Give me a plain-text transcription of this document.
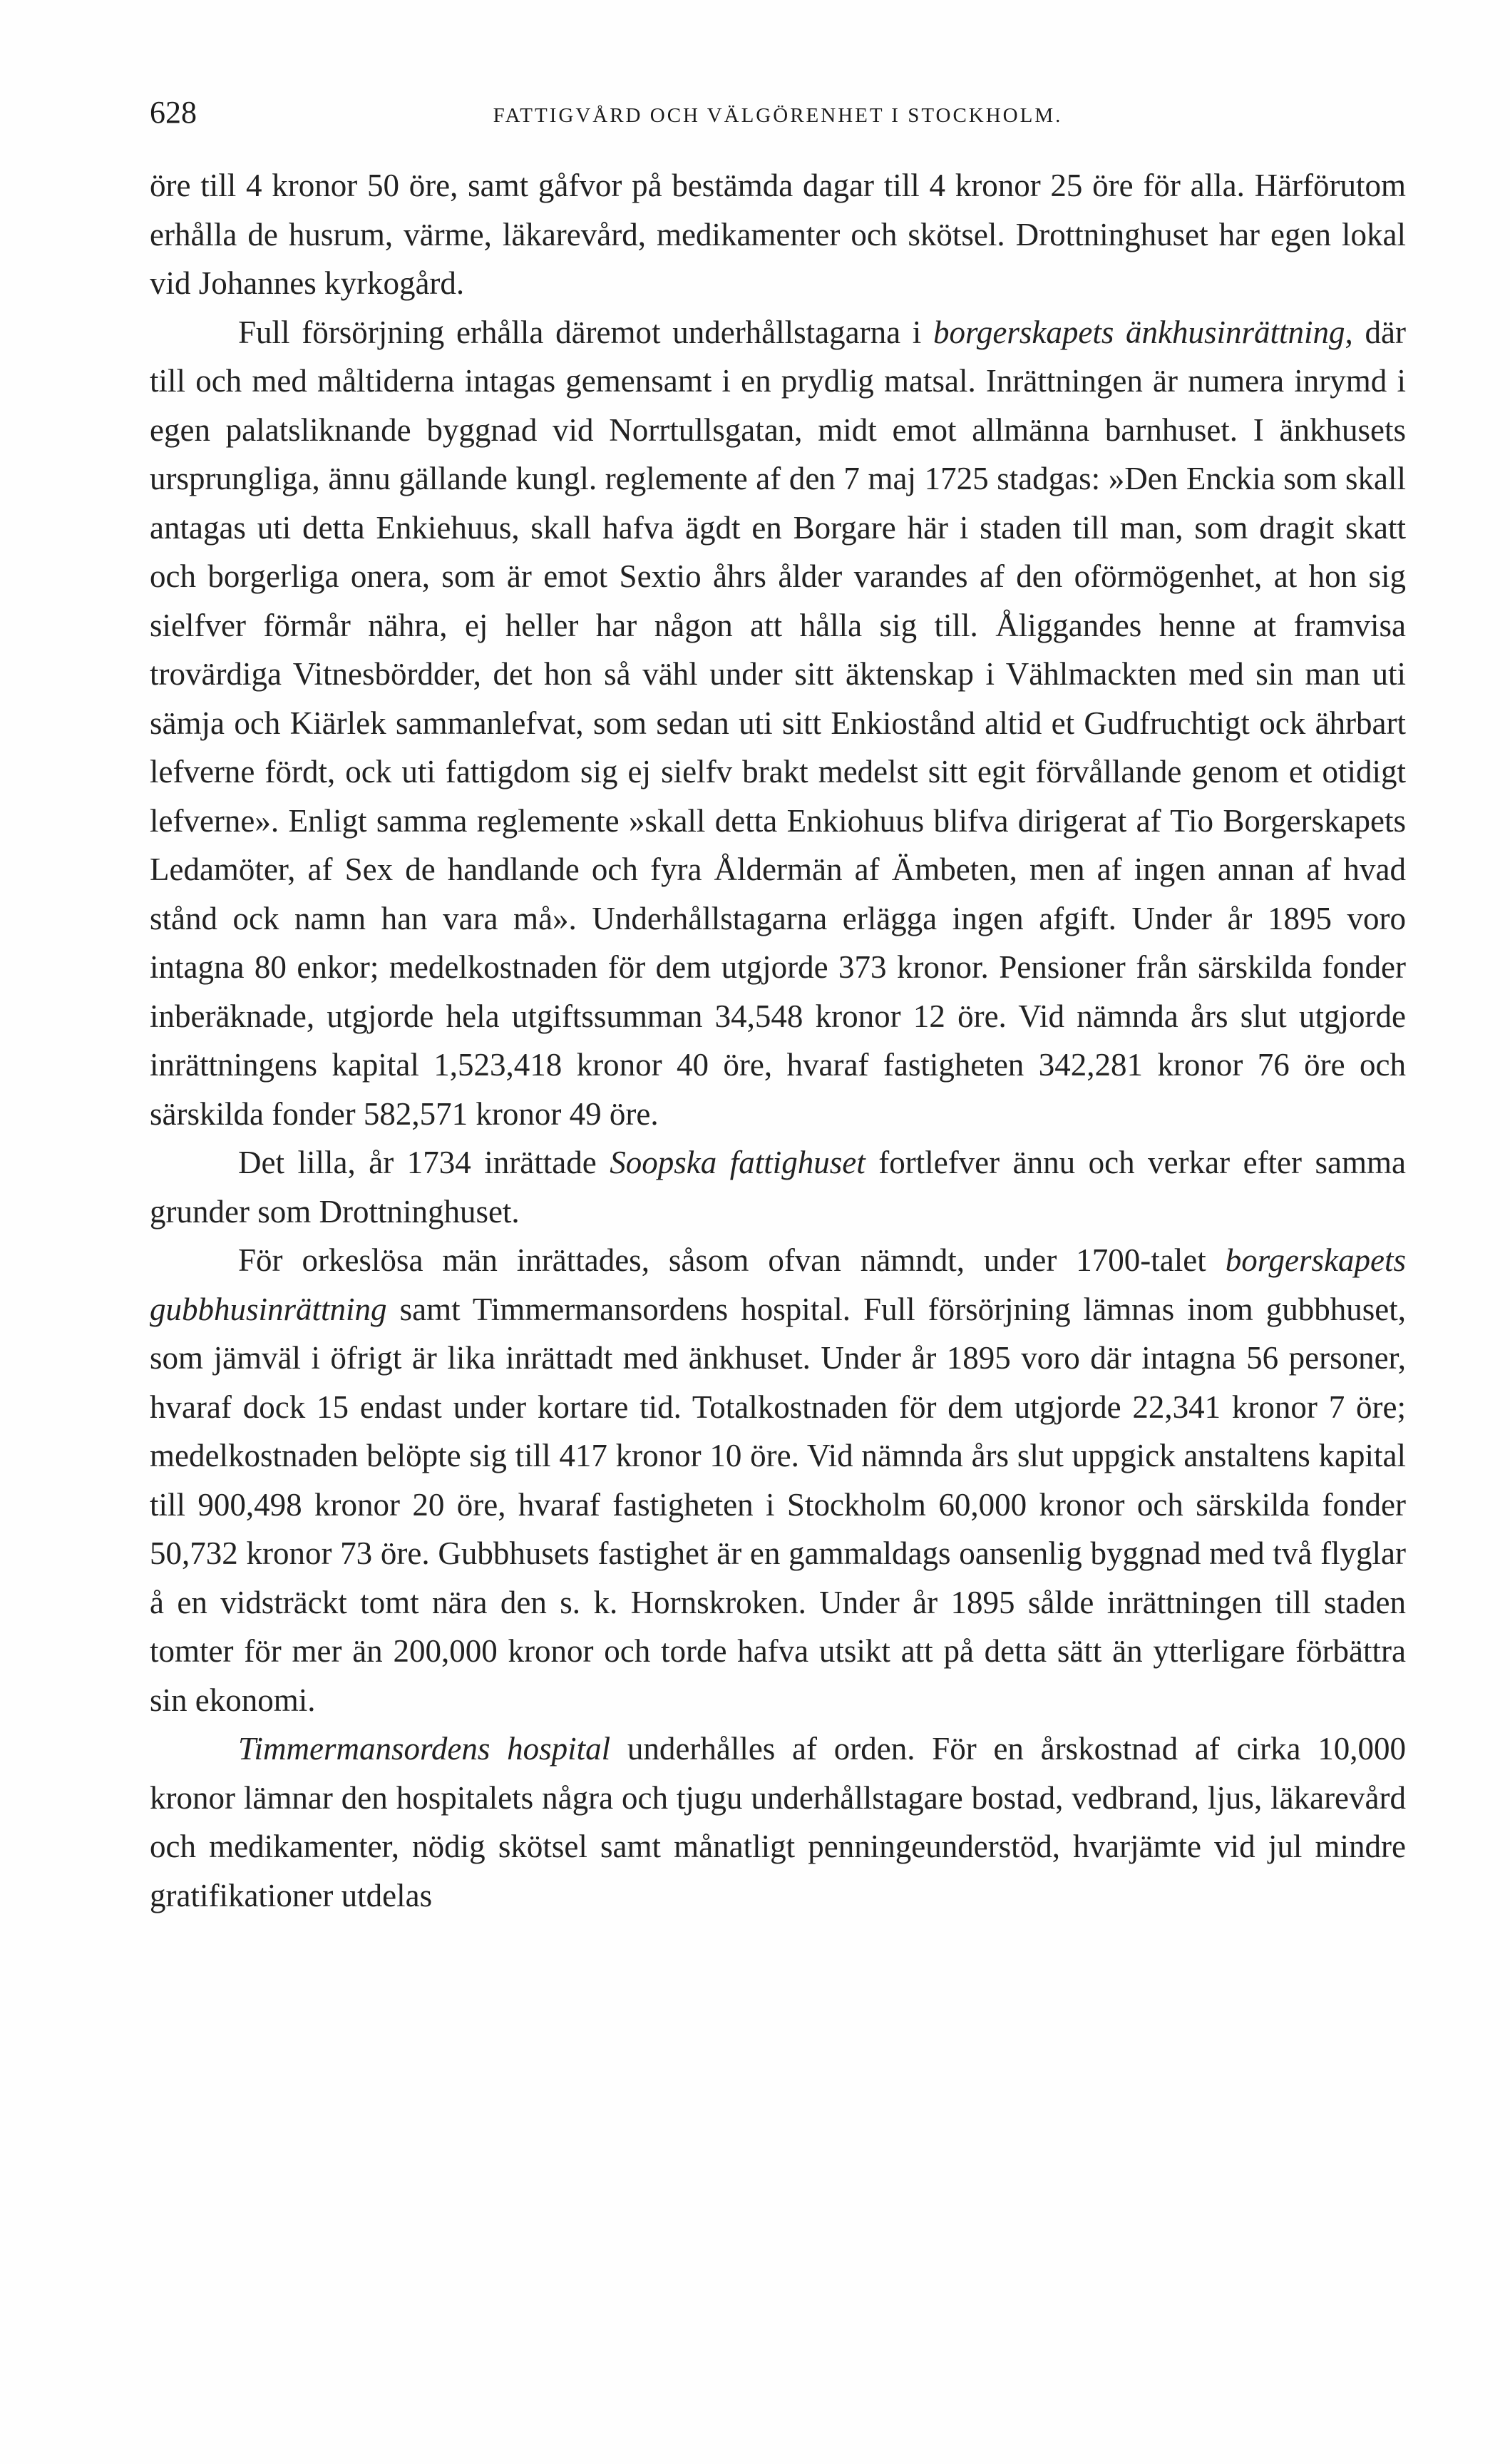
628	FATTIGVÅRD OCH VÄLGÖRENHET I STOCKHOLM.

öre till 4 kronor 50 öre, samt gåfvor på bestämda dagar till 4 kronor 25 öre för alla. Härförutom erhålla de husrum, värme, läkarevård, medikamenter och skötsel. Drottninghuset har egen lokal vid Johannes kyrkogård.

Full försörjning erhålla däremot underhållstagarna i borgerskapets änkhusinrättning, där till och med måltiderna intagas gemensamt i en prydlig matsal. Inrättningen är numera inrymd i egen palatsliknande byggnad vid Norrtullsgatan, midt emot allmänna barnhuset. I änkhusets ursprungliga, ännu gällande kungl. reglemente af den 7 maj 1725 stadgas: »Den Enckia som skall antagas uti detta Enkiehuus, skall hafva ägdt en Borgare här i staden till man, som dragit skatt och borgerliga onera, som är emot Sextio åhrs ålder varandes af den oförmögenhet, at hon sig sielfver förmår nähra, ej heller har någon att hålla sig till. Åliggandes henne at framvisa trovärdiga Vitnesbördder, det hon så vähl under sitt äktenskap i Vählmackten med sin man uti sämja och Kiärlek sammanlefvat, som sedan uti sitt Enkiostånd altid et Gudfruchtigt ock ährbart lefverne fördt, ock uti fattigdom sig ej sielfv brakt medelst sitt egit förvållande genom et otidigt lefverne». Enligt samma reglemente »skall detta Enkiohuus blifva dirigerat af Tio Borgerskapets Ledamöter, af Sex de handlande och fyra Åldermän af Ämbeten, men af ingen annan af hvad stånd ock namn han vara må». Underhållstagarna erlägga ingen afgift. Under år 1895 voro intagna 80 enkor; medelkostnaden för dem utgjorde 373 kronor. Pensioner från särskilda fonder inberäknade, utgjorde hela utgiftssumman 34,548 kronor 12 öre. Vid nämnda års slut utgjorde inrättningens kapital 1,523,418 kronor 40 öre, hvaraf fastigheten 342,281 kronor 76 öre och särskilda fonder 582,571 kronor 49 öre.

Det lilla, år 1734 inrättade Soopska fattighuset fortlefver ännu och verkar efter samma grunder som Drottninghuset.

För orkeslösa män inrättades, såsom ofvan nämndt, under 1700-talet borgerskapets gubbhusinrättning samt Timmermansordens hospital. Full försörjning lämnas inom gubbhuset, som jämväl i öfrigt är lika inrättadt med änkhuset. Under år 1895 voro där intagna 56 personer, hvaraf dock 15 endast under kortare tid. Totalkostnaden för dem utgjorde 22,341 kronor 7 öre; medelkostnaden belöpte sig till 417 kronor 10 öre. Vid nämnda års slut uppgick anstaltens kapital till 900,498 kronor 20 öre, hvaraf fastigheten i Stockholm 60,000 kronor och särskilda fonder 50,732 kronor 73 öre. Gubbhusets fastighet är en gammaldags oansenlig byggnad med två flyglar å en vidsträckt tomt nära den s. k. Hornskroken. Under år 1895 sålde inrättningen till staden tomter för mer än 200,000 kronor och torde hafva utsikt att på detta sätt än ytterligare förbättra sin ekonomi.

Timmermansordens hospital underhålles af orden. För en årskostnad af cirka 10,000 kronor lämnar den hospitalets några och tjugu underhållstagare bostad, vedbrand, ljus, läkarevård och medikamenter, nödig skötsel samt månatligt penningeunderstöd, hvarjämte vid jul mindre gratifikationer utdelas
